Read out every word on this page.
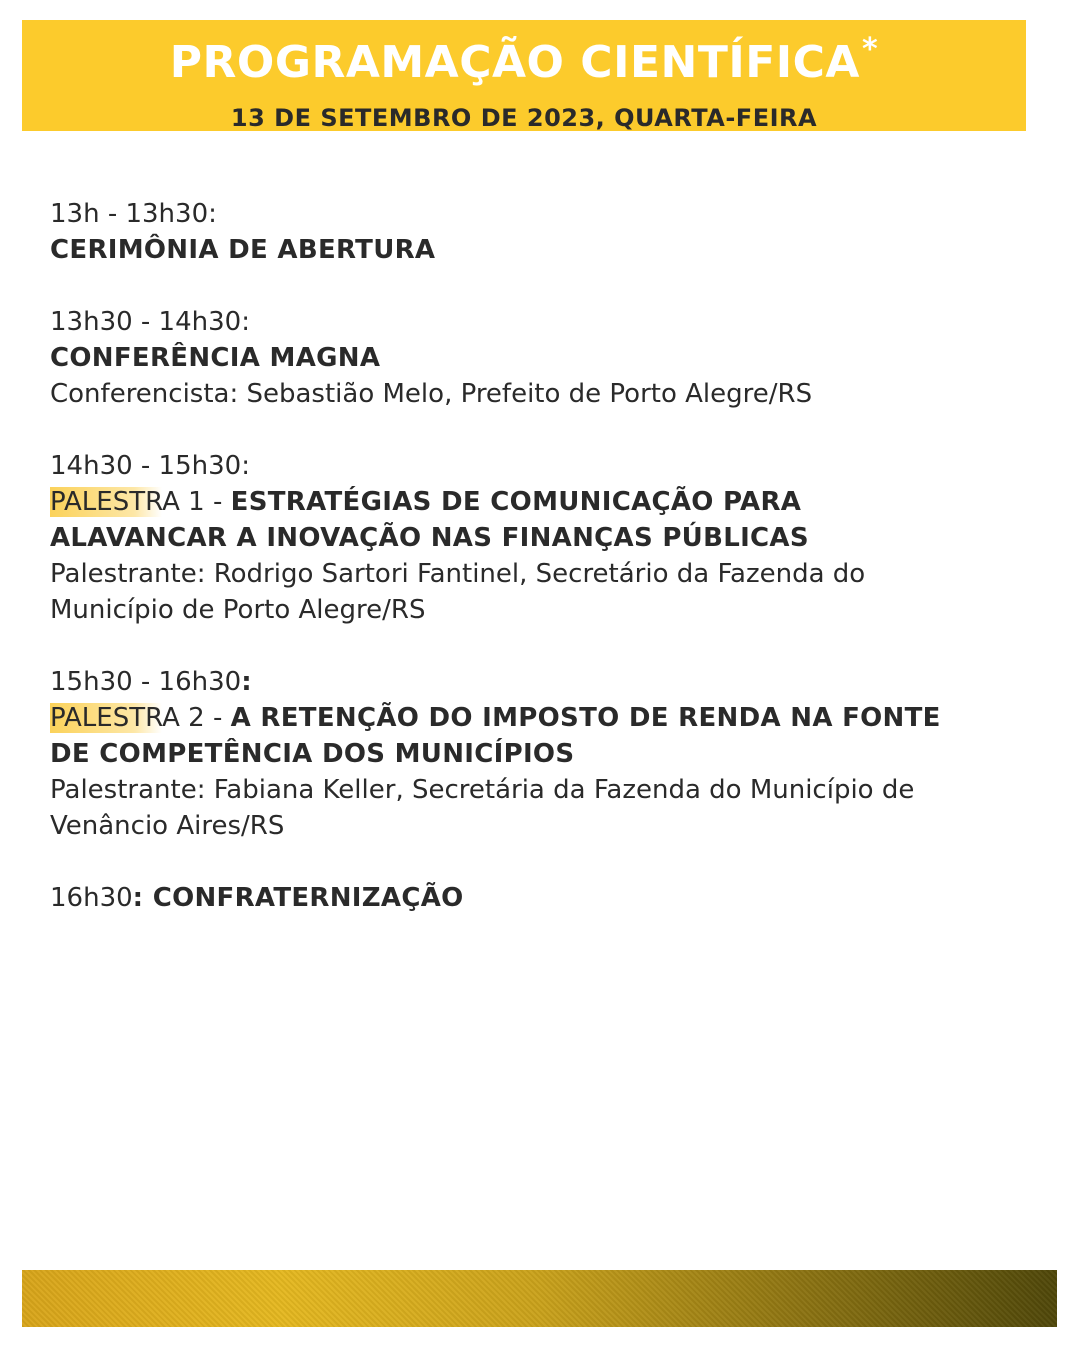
PROGRAMAÇÃO CIENTÍFICA*
13 DE SETEMBRO DE 2023, QUARTA-FEIRA
13h - 13h30:
CERIMÔNIA DE ABERTURA
13h30 - 14h30:
CONFERÊNCIA MAGNA
Conferencista: Sebastião Melo, Prefeito de Porto Alegre/RS
14h30 - 15h30:
PALESTRA 1 - ESTRATÉGIAS DE COMUNICAÇÃO PARA
ALAVANCAR A INOVAÇÃO NAS FINANÇAS PÚBLICAS
Palestrante: Rodrigo Sartori Fantinel, Secretário da Fazenda do
Município de Porto Alegre/RS
15h30 - 16h30:
PALESTRA 2 - A RETENÇÃO DO IMPOSTO DE RENDA NA FONTE
DE COMPETÊNCIA DOS MUNICÍPIOS
Palestrante: Fabiana Keller, Secretária da Fazenda do Município de
Venâncio Aires/RS
16h30: CONFRATERNIZAÇÃO
